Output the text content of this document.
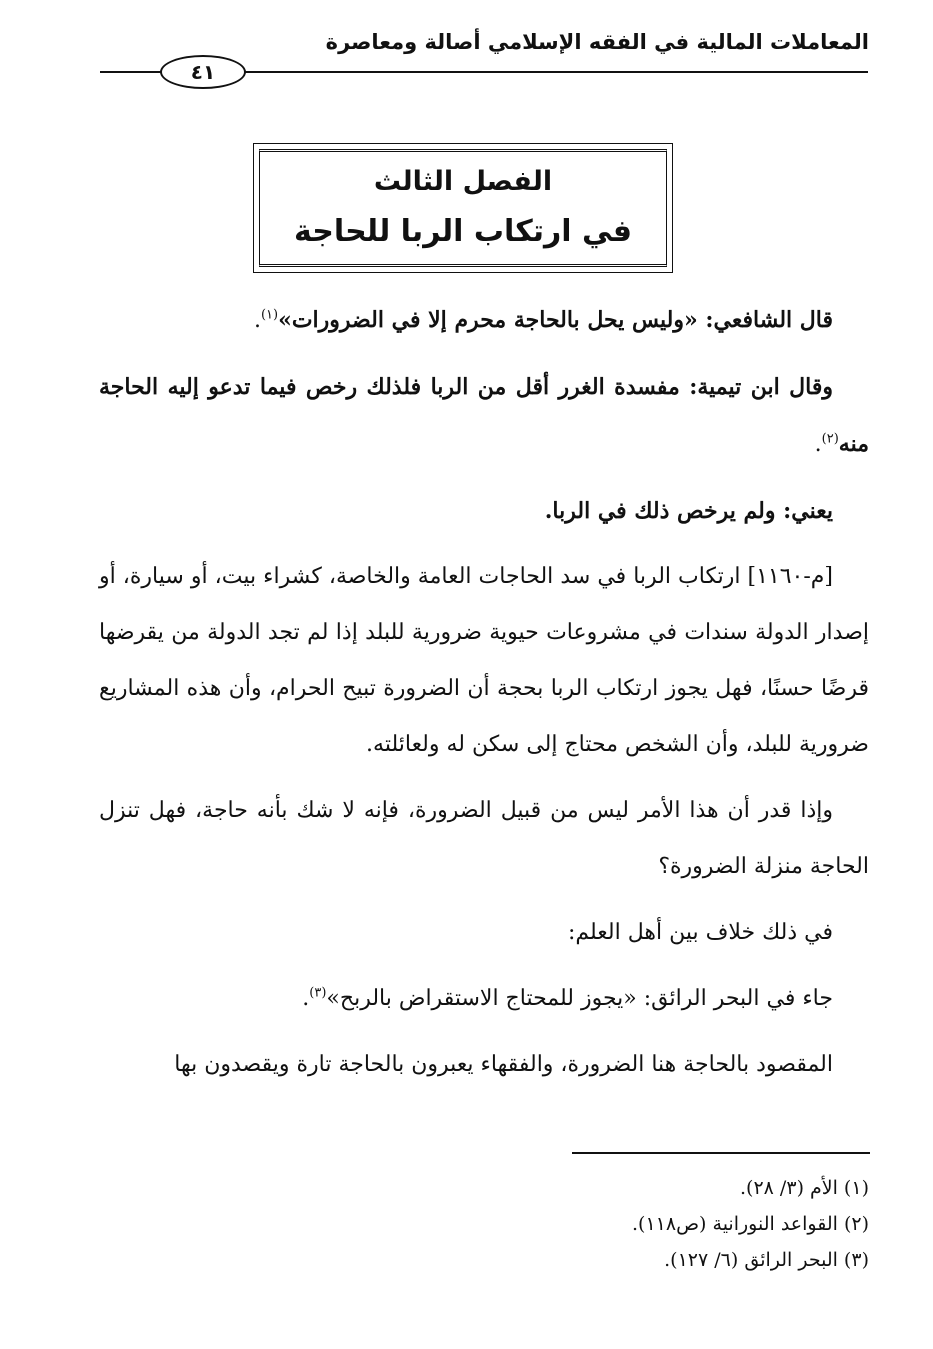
المعاملات المالية في الفقه الإسلامي أصالة ومعاصرة
٤١
الفصل الثالث
في ارتكاب الربا للحاجة

قال الشافعي: «وليس يحل بالحاجة محرم إلا في الضرورات»$^{(١)}$.

وقال ابن تيمية: مفسدة الغرر أقل من الربا فلذلك رخص فيما تدعو إليه الحاجة منه$^{(٢)}$.

يعني: ولم يرخص ذلك في الربا.

[م-١١٦٠] ارتكاب الربا في سد الحاجات العامة والخاصة، كشراء بيت، أو سيارة، أو إصدار الدولة سندات في مشروعات حيوية ضرورية للبلد إذا لم تجد الدولة من يقرضها قرضًا حسنًا، فهل يجوز ارتكاب الربا بحجة أن الضرورة تبيح الحرام، وأن هذه المشاريع ضرورية للبلد، وأن الشخص محتاج إلى سكن له ولعائلته.

وإذا قدر أن هذا الأمر ليس من قبيل الضرورة، فإنه لا شك بأنه حاجة، فهل تنزل الحاجة منزلة الضرورة؟

في ذلك خلاف بين أهل العلم:

جاء في البحر الرائق: «يجوز للمحتاج الاستقراض بالربح»$^{(٣)}$.

المقصود بالحاجة هنا الضرورة، والفقهاء يعبرون بالحاجة تارة ويقصدون بها

(١) الأم (٣/ ٢٨).

(٢) القواعد النورانية (ص١١٨).

(٣) البحر الرائق (٦/ ١٢٧).
